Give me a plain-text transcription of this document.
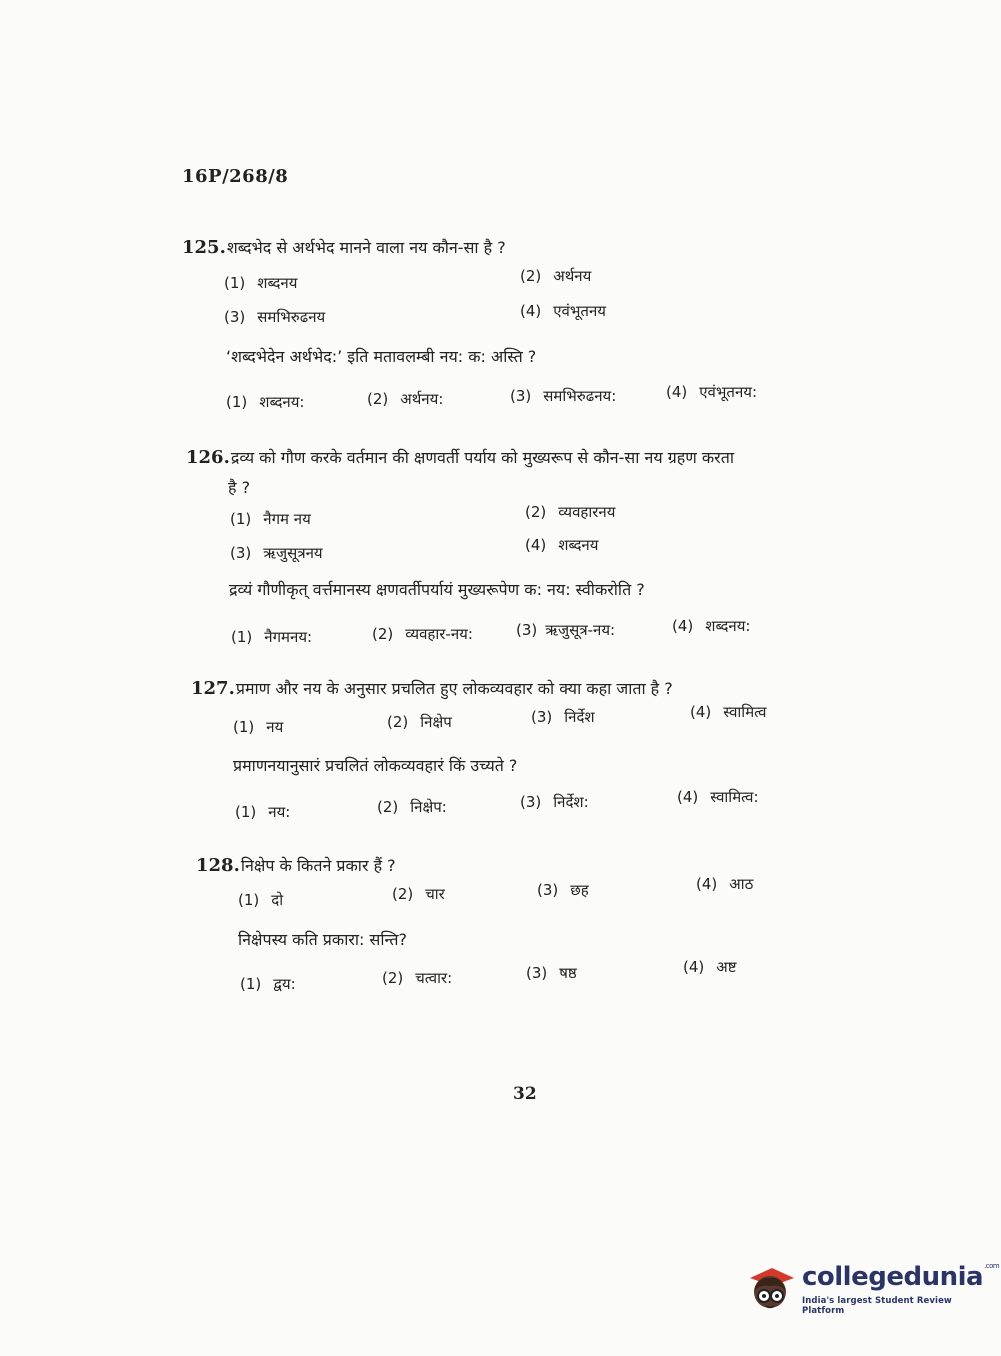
16P/268/8
125.शब्दभेद से अर्थभेद मानने वाला नय कौन-सा है ?
(1) शब्दनय	(2) अर्थनय
(3) समभिरुढनय	(4) एवंभूतनय
‘शब्दभेदेन अर्थभेद:’ इति मतावलम्बी नय: क: अस्ति ?
(1) शब्दनय:	(2) अर्थनय:	(3) समभिरुढनय:	(4) एवंभूतनय:
126.द्रव्य को गौण करके वर्तमान की क्षणवर्ती पर्याय को मुख्यरूप से कौन-सा नय ग्रहण करता
है ?
(1) नैगम नय	(2) व्यवहारनय
(3) ऋजुसूत्रनय	(4) शब्दनय
द्रव्यं गौणीकृत् वर्त्तमानस्य क्षणवर्तीपर्यायं मुख्यरूपेण क: नय: स्वीकरोति ?
(1) नैगमनय:	(2) व्यवहार-नय:	(3) ऋजुसूत्र-नय:	(4) शब्दनय:
127.प्रमाण और नय के अनुसार प्रचलित हुए लोकव्यवहार को क्या कहा जाता है ?
(1) नय	(2) निक्षेप	(3) निर्देश	(4) स्वामित्व
प्रमाणनयानुसारं प्रचलितं लोकव्यवहारं किं उच्यते ?
(1) नय:	(2) निक्षेप:	(3) निर्देश:	(4) स्वामित्व:
128.निक्षेप के कितने प्रकार हैं ?
(1) दो	(2) चार	(3) छह	(4) आठ
निक्षेपस्य कति प्रकारा: सन्ति?
(1) द्वय:	(2) चत्वार:	(3) षष्ठ	(4) अष्ट
32
collegedunia$^{.com}$
India's largest Student Review Platform
